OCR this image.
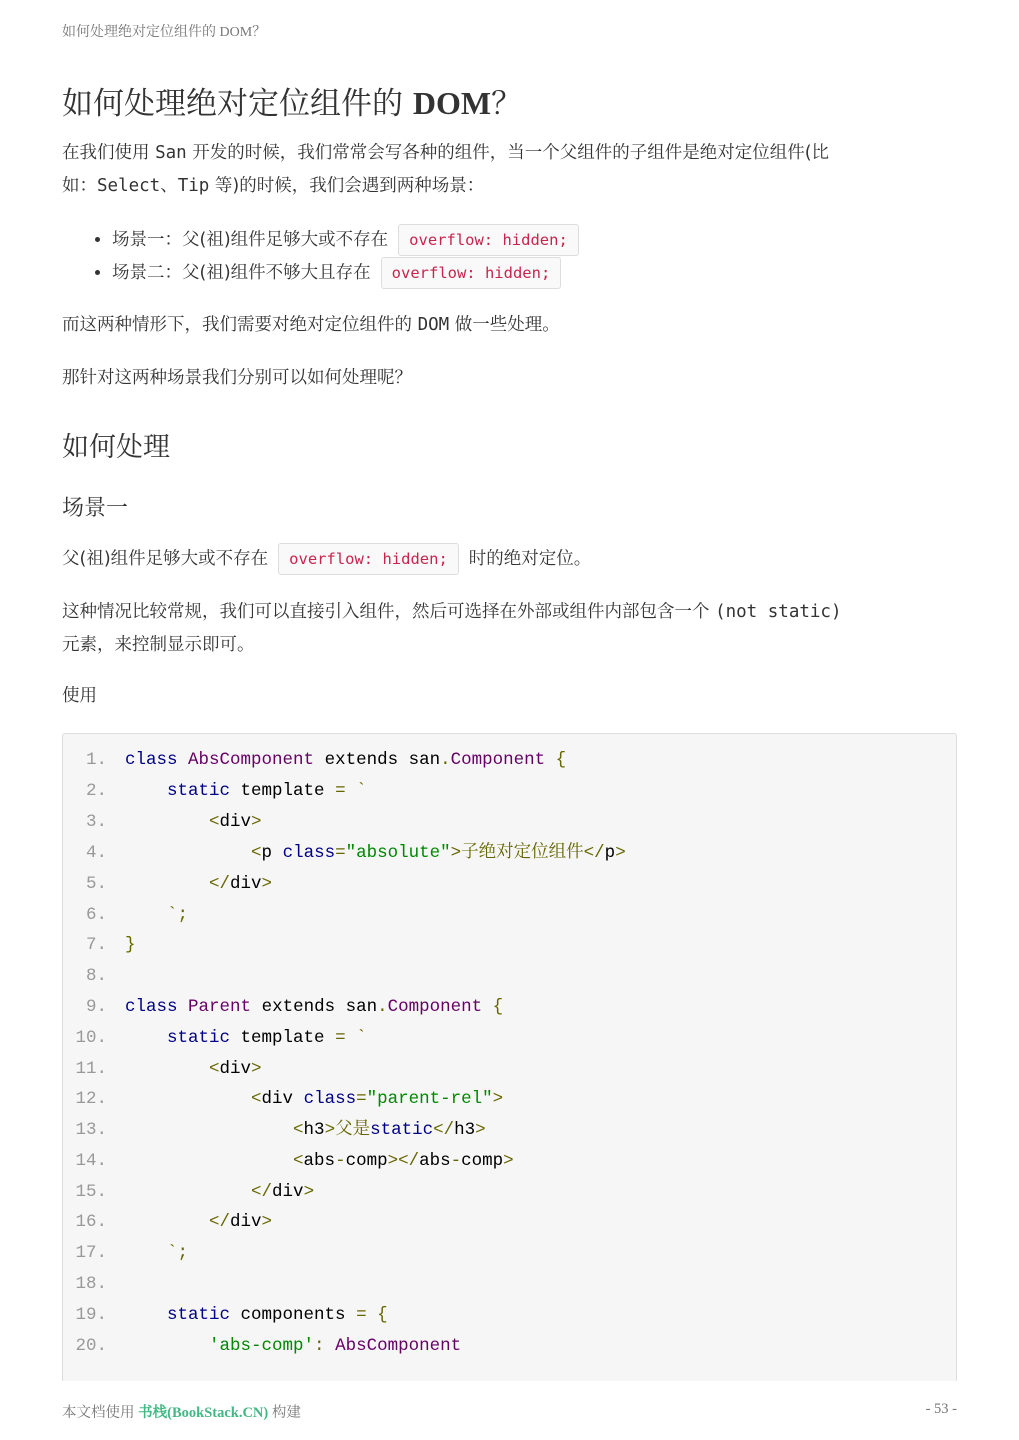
如何处理绝对定位组件的 DOM？
如何处理绝对定位组件的 DOM？

在我们使用 San 开发的时候，我们常常会写各种的组件，当一个父组件的子组件是绝对定位组件(比
如：Select、Tip 等)的时候，我们会遇到两种场景：

• 场景一：父(祖)组件足够大或不存在 overflow: hidden;
• 场景二：父(祖)组件不够大且存在 overflow: hidden;

而这两种情形下，我们需要对绝对定位组件的 DOM 做一些处理。

那针对这两种场景我们分别可以如何处理呢？

如何处理
场景一

父(祖)组件足够大或不存在 overflow: hidden; 时的绝对定位。

这种情况比较常规，我们可以直接引入组件，然后可选择在外部或组件内部包含一个 (not static)
元素，来控制显示即可。

使用

1. class AbsComponent extends san.Component {
2.	static template = `
3.	<div>
4.	<p class="absolute">子绝对定位组件</p>
5.	</div>
6.	`;
7. }
8.
9. class Parent extends san.Component {
10.	static template = `
11.	<div>
12.	<div class="parent-rel">
13.	<h3>父是static</h3>
14.	<abs-comp></abs-comp>
15.	</div>
16.	</div>
17.	`;
18.
19.	static components = {
20.	'abs-comp': AbsComponent
本文档使用 书栈(BookStack.CN) 构建	- 53 -
